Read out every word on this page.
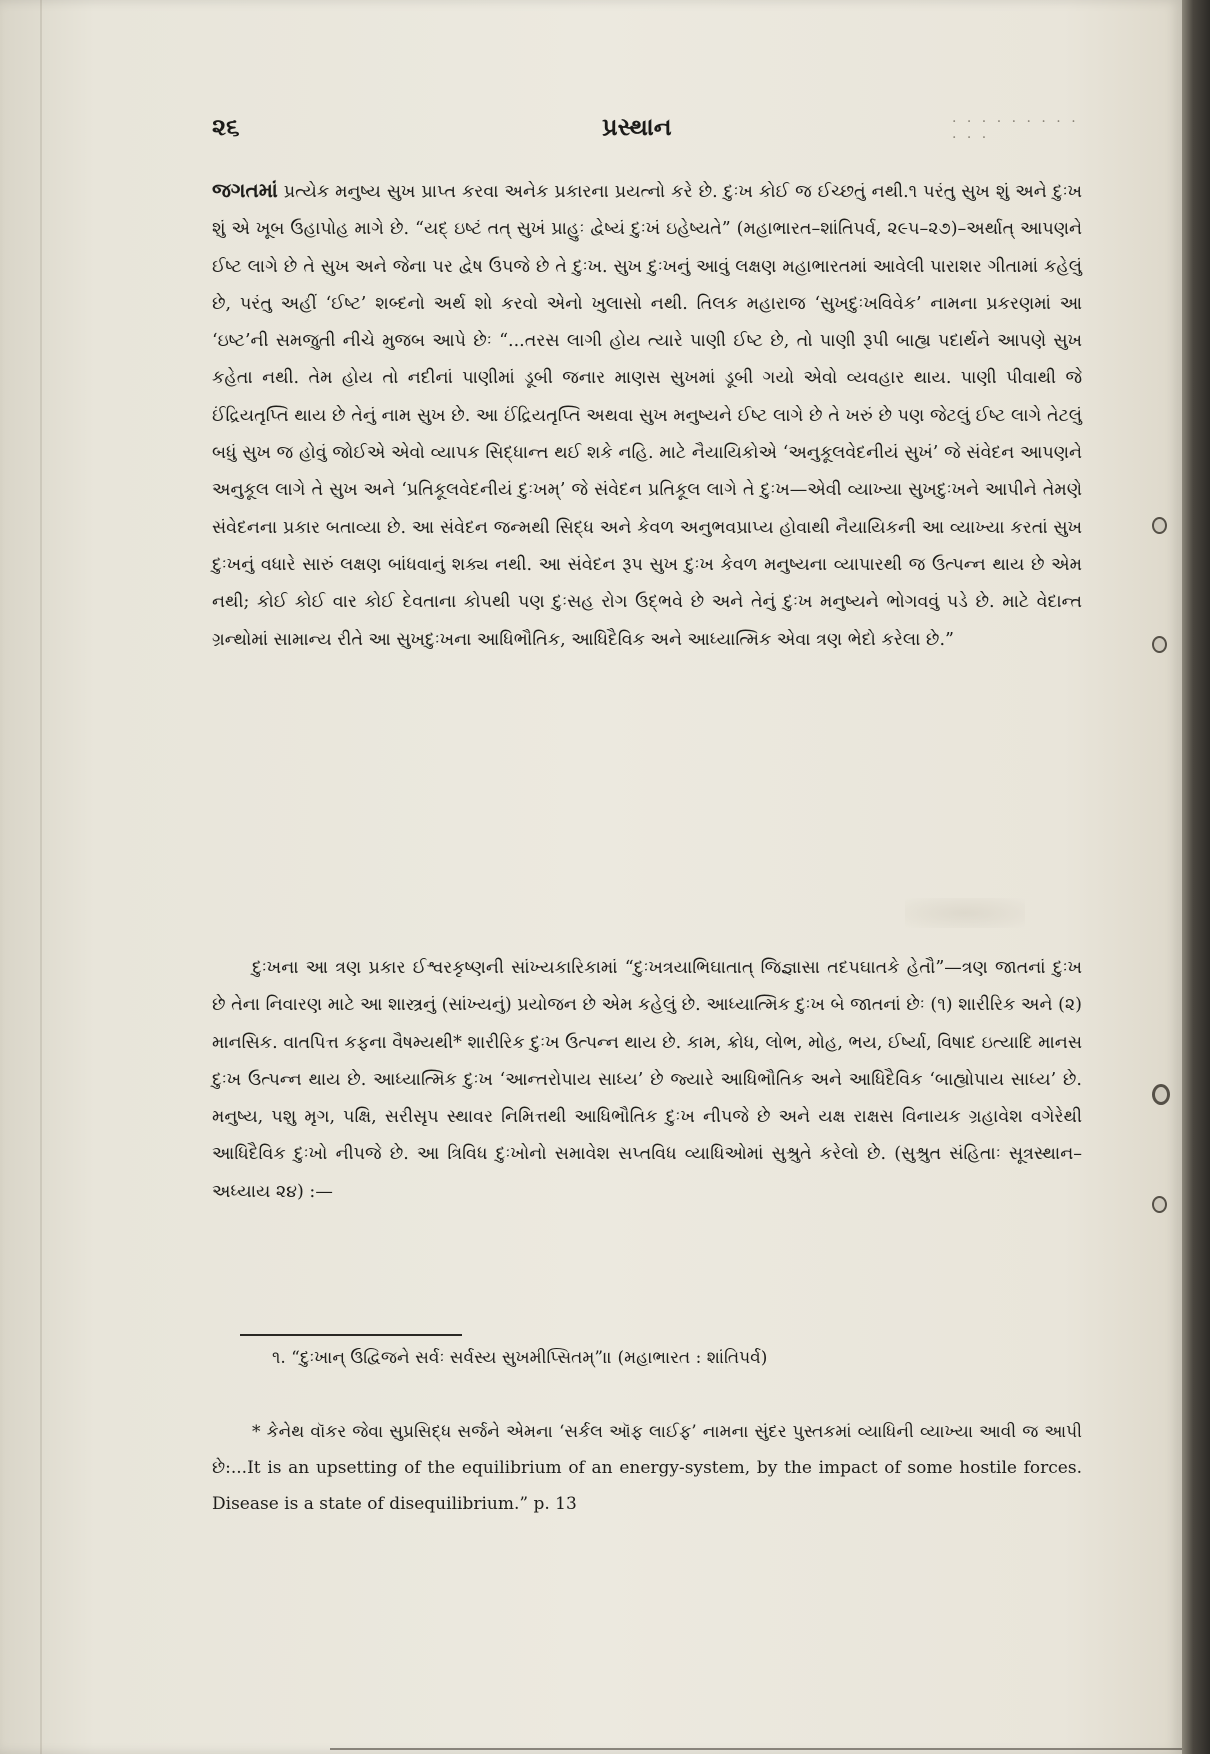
૨૬	પ્રસ્થાન	· · · · · · · · · · · ·
જગતમાં પ્રત્યેક મનુષ્ય સુખ પ્રાપ્ત કરવા અનેક પ્રકારના પ્રયત્નો કરે છે. દુઃખ કોઈ જ ઈચ્છતું નથી.૧ પરંતુ સુખ શું અને દુઃખ શું એ ખૂબ ઉહાપોહ માગે છે. “યદ્ ઇષ્ટં તત્ સુખં પ્રાહુઃ દ્વેષ્યં દુઃખં ઇહેષ્યતે” (મહાભારત–શાંતિપર્વ, ૨૯૫–૨૭)–અર્થાત્ આપણને ઈષ્ટ લાગે છે તે સુખ અને જેના પર દ્વેષ ઉપજે છે તે દુઃખ. સુખ દુઃખનું આવું લક્ષણ મહાભારતમાં આવેલી પારાશર ગીતામાં કહેલું છે, પરંતુ અહીં ‘ઈષ્ટ’ શબ્દનો અર્થ શો કરવો એનો ખુલાસો નથી. તિલક મહારાજ ‘સુખદુઃખવિવેક’ નામના પ્રકરણમાં આ ‘ઇષ્ટ’ની સમજુતી નીચે મુજબ આપે છેઃ “...તરસ લાગી હોય ત્યારે પાણી ઈષ્ટ છે, તો પાણી રૂપી બાહ્ય પદાર્થને આપણે સુખ કહેતા નથી. તેમ હોય તો નદીનાં પાણીમાં ડૂબી જનાર માણસ સુખમાં ડૂબી ગયો એવો વ્યવહાર થાય. પાણી પીવાથી જે ઈંદ્રિયતૃપ્તિ થાય છે તેનું નામ સુખ છે. આ ઈંદ્રિયતૃપ્તિ અથવા સુખ મનુષ્યને ઈષ્ટ લાગે છે તે ખરું છે પણ જેટલું ઈષ્ટ લાગે તેટલું બધું સુખ જ હોવું જોઈએ એવો વ્યાપક સિદ્ધાન્ત થઈ શકે નહિ. માટે નૈયાયિકોએ ‘અનુકૂલવેદનીયં સુખં’ જે સંવેદન આપણને અનુકૂલ લાગે તે સુખ અને ‘પ્રતિકૂલવેદનીયં દુઃખમ્’ જે સંવેદન પ્રતિકૂલ લાગે તે દુઃખ—એવી વ્યાખ્યા સુખદુઃખને આપીને તેમણે સંવેદનના પ્રકાર બતાવ્યા છે. આ સંવેદન જન્મથી સિદ્ધ અને કેવળ અનુભવપ્રાપ્ય હોવાથી નૈયાયિકની આ વ્યાખ્યા કરતાં સુખ દુઃખનું વધારે સારું લક્ષણ બાંધવાનું શક્ય નથી. આ સંવેદન રૂપ સુખ દુઃખ કેવળ મનુષ્યના વ્યાપારથી જ ઉત્પન્ન થાય છે એમ નથી; કોઈ કોઈ વાર કોઈ દેવતાના કોપથી પણ દુઃસહ રોગ ઉદ્ભવે છે અને તેનું દુઃખ મનુષ્યને ભોગવવું પડે છે. માટે વેદાન્ત ગ્રન્થોમાં સામાન્ય રીતે આ સુખદુઃખના આધિભૌતિક, આધિદૈવિક અને આધ્યાત્મિક એવા ત્રણ ભેદો કરેલા છે.”
દુઃખના આ ત્રણ પ્રકાર ઈશ્વરકૃષ્ણની સાંખ્યકારિકામાં “દુઃખત્રયાભિઘાતાત્ જિજ્ઞાસા તદપઘાતકે હેતૌ”—ત્રણ જાતનાં દુઃખ છે તેના નિવારણ માટે આ શાસ્ત્રનું (સાંખ્યનું) પ્રયોજન છે એમ કહેલું છે. આધ્યાત્મિક દુઃખ બે જાતનાં છેઃ (૧) શારીરિક અને (૨) માનસિક. વાતપિત્ત કફના વૈષમ્યથી* શારીરિક દુઃખ ઉત્પન્ન થાય છે. કામ, ક્રોધ, લોભ, મોહ, ભય, ઈર્ષ્યા, વિષાદ ઇત્યાદિ માનસ દુઃખ ઉત્પન્ન થાય છે. આધ્યાત્મિક દુઃખ ‘આન્તરોપાય સાધ્ય’ છે જ્યારે આધિભૌતિક અને આધિદૈવિક ‘બાહ્યોપાય સાધ્ય’ છે. મનુષ્ય, પશુ મૃગ, પક્ષિ, સરીસૃપ સ્થાવર નિમિત્તથી આધિભૌતિક દુઃખ નીપજે છે અને યક્ષ રાક્ષસ વિનાયક ગ્રહાવેશ વગેરેથી આધિદૈવિક દુઃખો નીપજે છે. આ ત્રિવિધ દુઃખોનો સમાવેશ સપ્તવિધ વ્યાધિઓમાં સુશ્રુતે કરેલો છે. (સુશ્રુત સંહિતાઃ સૂત્રસ્થાન–અધ્યાય ૨૪) :—
૧. “દુઃખાન્ ઉદ્વિજને સર્વઃ સર્વસ્ય સુખમીપ્સિતમ્”॥ (મહાભારત : શાંતિપર્વ)
* કેનેથ વૉકર જેવા સુપ્રસિદ્ધ સર્જને એમના ‘સર્કલ ઑફ લાઈફ’ નામના સુંદર પુસ્તકમાં વ્યાધિની વ્યાખ્યા આવી જ આપી છે:...It is an upsetting of the equilibrium of an energy-system, by the impact of some hostile forces. Disease is a state of disequilibrium.” p. 13
